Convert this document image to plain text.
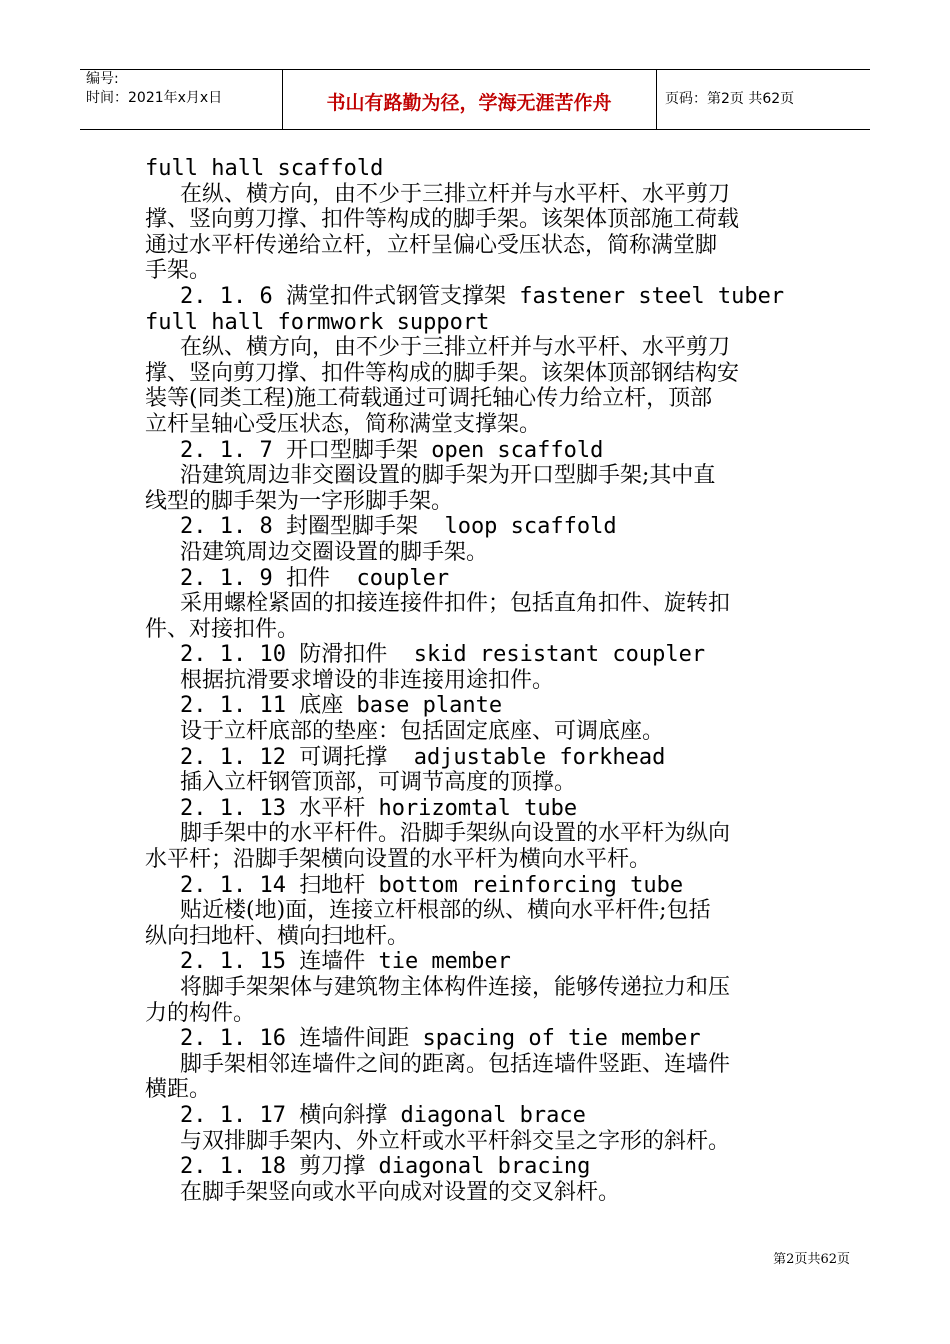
编号:
时间：2021年x月x日	书山有路勤为径，学海无涯苦作舟	页码：第2页 共62页
full hall scaffold
在纵、横方向，由不少于三排立杆并与水平杆、水平剪刀
撑、竖向剪刀撑、扣件等构成的脚手架。该架体顶部施工荷载
通过水平杆传递给立杆，立杆呈偏心受压状态，简称满堂脚
手架。
2. 1. 6 满堂扣件式钢管支撑架 fastener steel tuber
full hall formwork support
在纵、横方向，由不少于三排立杆并与水平杆、水平剪刀
撑、竖向剪刀撑、扣件等构成的脚手架。该架体顶部钢结构安
装等(同类工程)施工荷载通过可调托轴心传力给立杆，顶部
立杆呈轴心受压状态，简称满堂支撑架。
2. 1. 7 开口型脚手架 open scaffold
沿建筑周边非交圈设置的脚手架为开口型脚手架;其中直
线型的脚手架为一字形脚手架。
2. 1. 8 封圈型脚手架  loop scaffold
沿建筑周边交圈设置的脚手架。
2. 1. 9 扣件  coupler
采用螺栓紧固的扣接连接件扣件；包括直角扣件、旋转扣
件、对接扣件。
2. 1. 10 防滑扣件  skid resistant coupler
根据抗滑要求增设的非连接用途扣件。
2. 1. 11 底座 base plante
设于立杆底部的垫座：包括固定底座、可调底座。
2. 1. 12 可调托撑  adjustable forkhead
插入立杆钢管顶部，可调节高度的顶撑。
2. 1. 13 水平杆 horizomtal tube
脚手架中的水平杆件。沿脚手架纵向设置的水平杆为纵向
水平杆；沿脚手架横向设置的水平杆为横向水平杆。
2. 1. 14 扫地杆 bottom reinforcing tube
贴近楼(地)面，连接立杆根部的纵、横向水平杆件;包括
纵向扫地杆、横向扫地杆。
2. 1. 15 连墙件 tie member
将脚手架架体与建筑物主体构件连接，能够传递拉力和压
力的构件。
2. 1. 16 连墙件间距 spacing of tie member
脚手架相邻连墙件之间的距离。包括连墙件竖距、连墙件
横距。
2. 1. 17 横向斜撑 diagonal brace
与双排脚手架内、外立杆或水平杆斜交呈之字形的斜杆。
2. 1. 18 剪刀撑 diagonal bracing
在脚手架竖向或水平向成对设置的交叉斜杆。
第2页共62页
